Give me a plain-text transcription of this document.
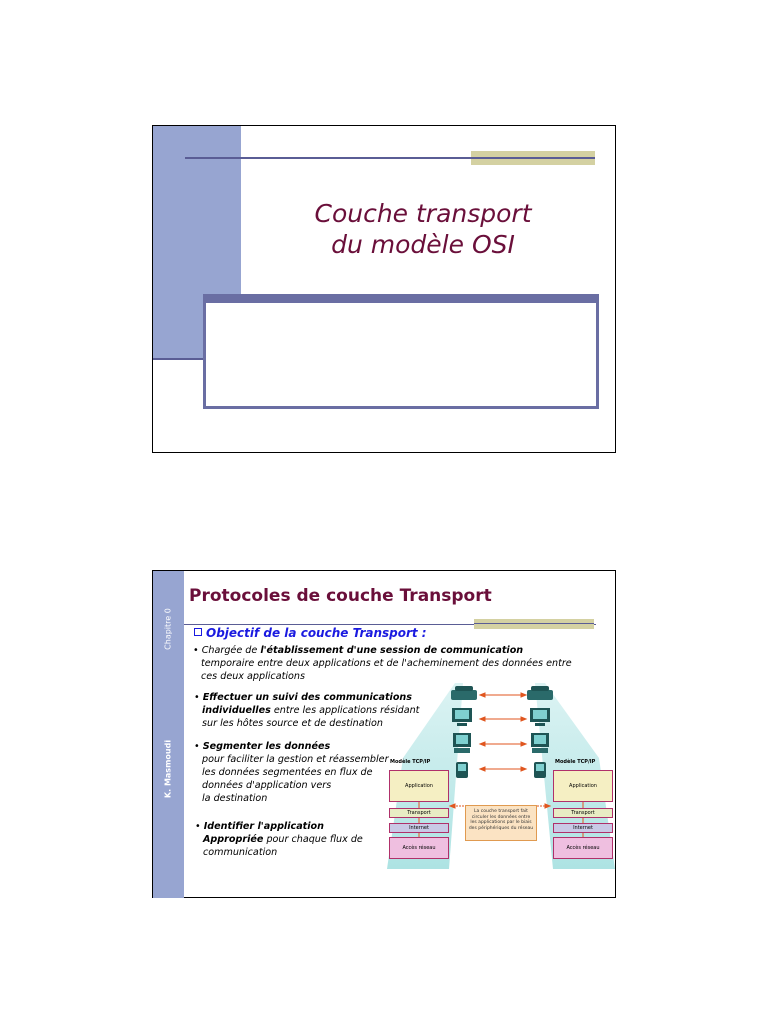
Couche transport
du modèle OSI
Chapitre 0
K. Masmoudi
Protocoles de couche Transport
Objectif de la couche Transport :
• Chargée de l'établissement d'une session de communication
temporaire entre deux applications et de l'acheminement des données entre
ces deux applications
• Effectuer un suivi des communications
individuelles entre les applications résidant
sur les hôtes source et de destination
• Segmenter les données
pour faciliter la gestion et réassembler
les données segmentées en flux de
données d'application vers
la destination
• Identifier l'application
Appropriée pour chaque flux de
communication
Modèle TCP/IP
Application
Transport
Internet
Accès réseau
Modèle TCP/IP
Application
Transport
Internet
Accès réseau
La couche transport fait circuler les données entre les applications par le biais des périphériques du réseau
